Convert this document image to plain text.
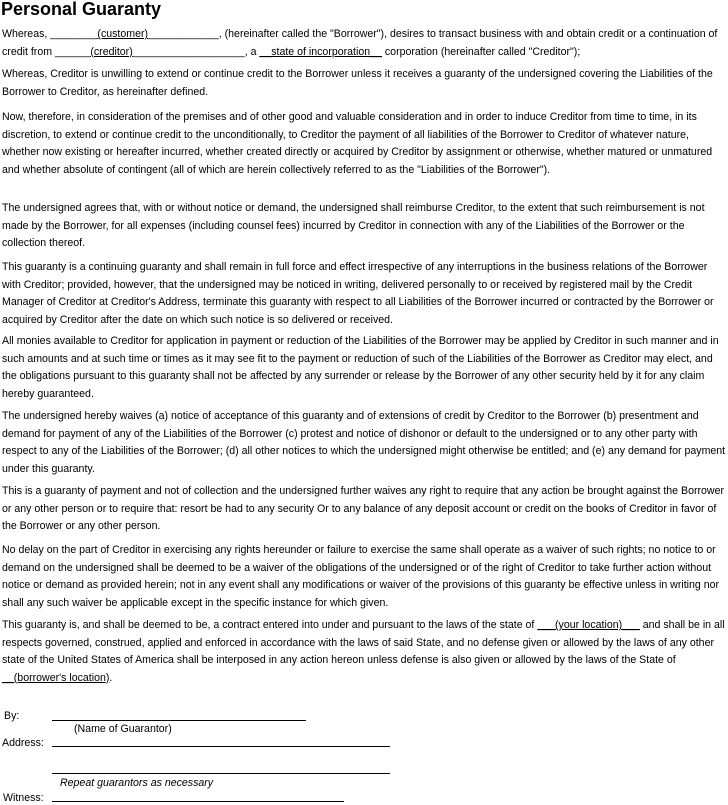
Personal Guaranty

Whereas, ________(customer)____________, (hereinafter called the "Borrower"), desires to transact business with and obtain credit or a continuation of credit from ______(creditor)___________________, a __state of incorporation__ corporation (hereinafter called "Creditor");

Whereas, Creditor is unwilling to extend or continue credit to the Borrower unless it receives a guaranty of the undersigned covering the Liabilities of the Borrower to Creditor, as hereinafter defined.

Now, therefore, in consideration of the premises and of other good and valuable consideration and in order to induce Creditor from time to time, in its discretion, to extend or continue credit to the unconditionally, to Creditor the payment of all liabilities of the Borrower to Creditor of whatever nature, whether now existing or hereafter incurred, whether created directly or acquired by Creditor by assignment or otherwise, whether matured or unmatured and whether absolute of contingent (all of which are herein collectively referred to as the "Liabilities of the Borrower").

The undersigned agrees that, with or without notice or demand, the undersigned shall reimburse Creditor, to the extent that such reimbursement is not made by the Borrower, for all expenses (including counsel fees) incurred by Creditor in connection with any of the Liabilities of the Borrower or the collection thereof.

This guaranty is a continuing guaranty and shall remain in full force and effect irrespective of any interruptions in the business relations of the Borrower with Creditor; provided, however, that the undersigned may be noticed in writing, delivered personally to or received by registered mail by the Credit Manager of Creditor at Creditor's Address, terminate this guaranty with respect to all Liabilities of the Borrower incurred or contracted by the Borrower or acquired by Creditor after the date on which such notice is so delivered or received.

All monies available to Creditor for application in payment or reduction of the Liabilities of the Borrower may be applied by Creditor in such manner and in such amounts and at such time or times as it may see fit to the payment or reduction of such of the Liabilities of the Borrower as Creditor may elect, and the obligations pursuant to this guaranty shall not be affected by any surrender or release by the Borrower of any other security held by it for any claim hereby guaranteed.

The undersigned hereby waives (a) notice of acceptance of this guaranty and of extensions of credit by Creditor to the Borrower (b) presentment and demand for payment of any of the Liabilities of the Borrower (c) protest and notice of dishonor or default to the undersigned or to any other party with respect to any of the Liabilities of the Borrower; (d) all other notices to which the undersigned might otherwise be entitled; and (e) any demand for payment under this guaranty.

This is a guaranty of payment and not of collection and the undersigned further waives any right to require that any action be brought against the Borrower or any other person or to require that: resort be had to any security Or to any balance of any deposit account or credit on the books of Creditor in favor of the Borrower or any other person.

No delay on the part of Creditor in exercising any rights hereunder or failure to exercise the same shall operate as a waiver of such rights; no notice to or demand on the undersigned shall be deemed to be a waiver of the obligations of the undersigned or of the right of Creditor to take further action without notice or demand as provided herein; not in any event shall any modifications or waiver of the provisions of this guaranty be effective unless in writing nor shall any such waiver be applicable except in the specific instance for which given.

This guaranty is, and shall be deemed to be, a contract entered into under and pursuant to the laws of the state of ___(your location)___ and shall be in all respects governed, construed, applied and enforced in accordance with the laws of said State, and no defense given or allowed by the laws of any other state of the United States of America shall be interposed in any action hereon unless defense is also given or allowed by the laws of the State of __(borrower's location).

By:
(Name of Guarantor)
Address:
Repeat guarantors as necessary
Witness:
